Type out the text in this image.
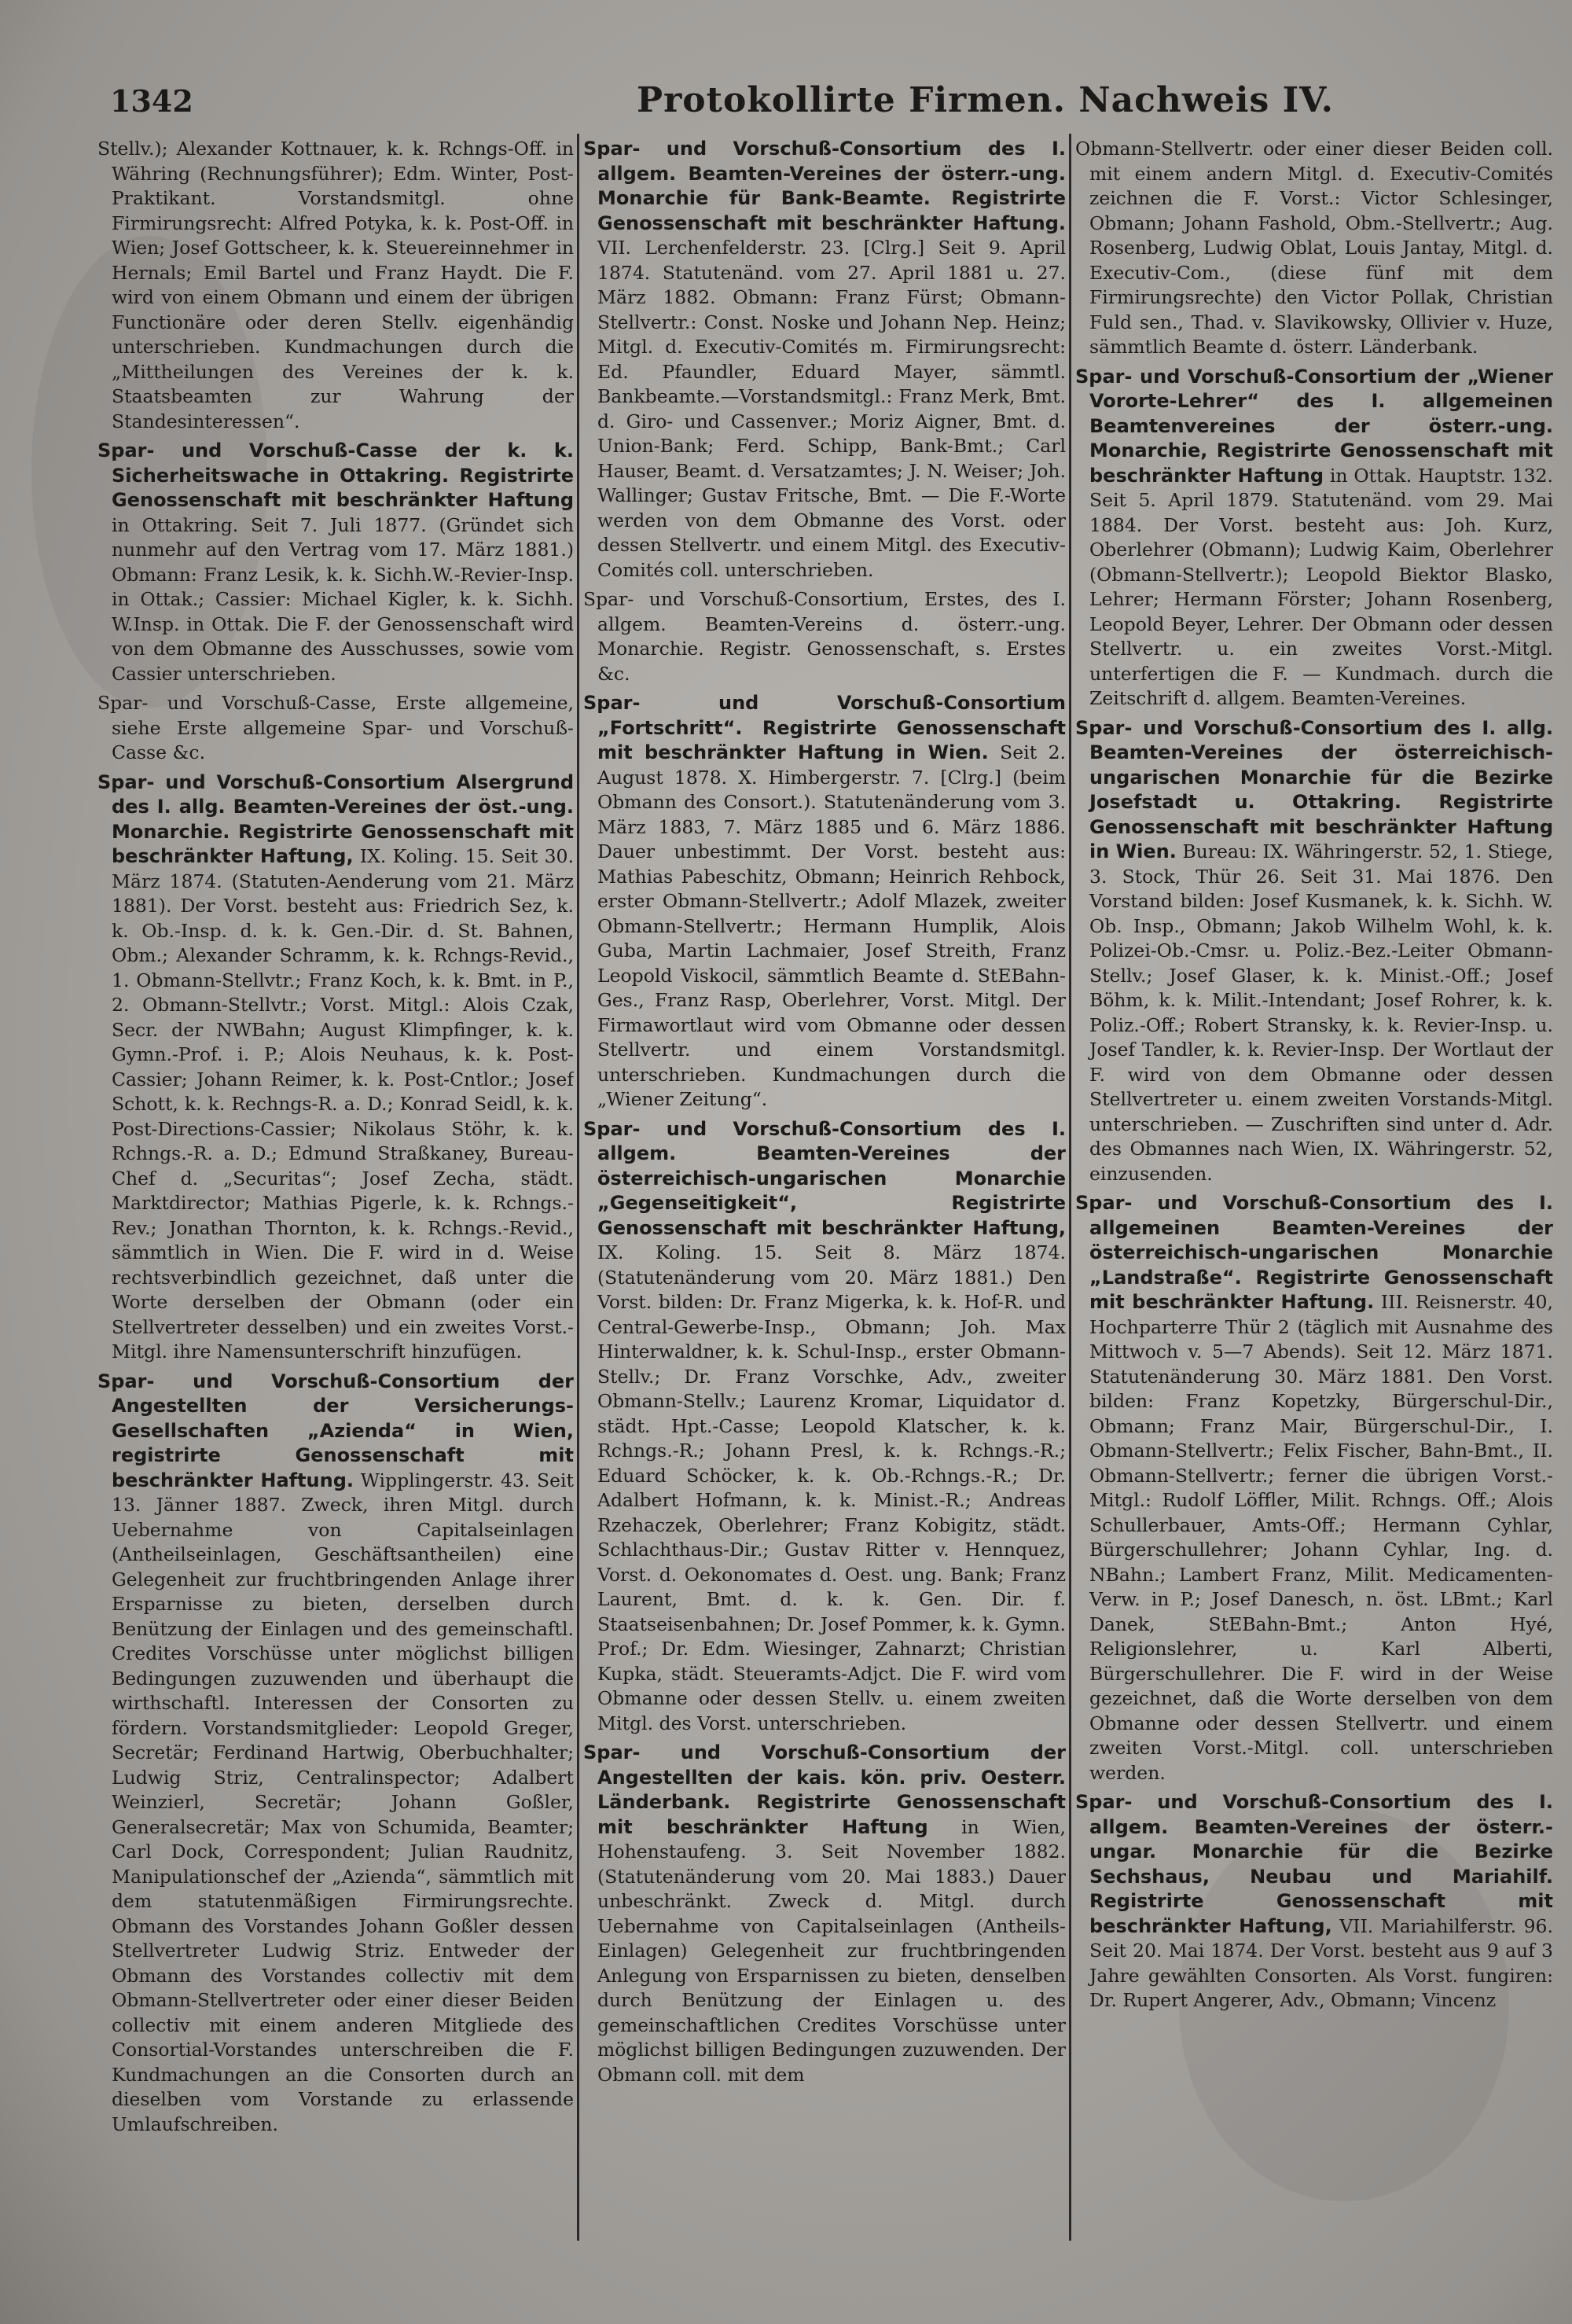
1342	Protokollirte Firmen. Nachweis IV.

Stellv.); Alexander Kottnauer, k. k. Rchngs-Off. in Währing (Rechnungsführer); Edm. Winter, Post-Praktikant. Vorstandsmitgl. ohne Firmirungsrecht: Alfred Potyka, k. k. Post-Off. in Wien; Josef Gottscheer, k. k. Steuereinnehmer in Hernals; Emil Bartel und Franz Haydt. Die F. wird von einem Obmann und einem der übrigen Functionäre oder deren Stellv. eigenhändig unterschrieben. Kundmachungen durch die „Mittheilungen des Vereines der k. k. Staatsbeamten zur Wahrung der Standesinteressen“.

Spar- und Vorschuß-Casse der k. k. Sicherheitswache in Ottakring. Registrirte Genossenschaft mit beschränkter Haftung in Ottakring. Seit 7. Juli 1877. (Gründet sich nunmehr auf den Vertrag vom 17. März 1881.) Obmann: Franz Lesik, k. k. Sichh.W.-Revier-Insp. in Ottak.; Cassier: Michael Kigler, k. k. Sichh. W.Insp. in Ottak. Die F. der Genossenschaft wird von dem Obmanne des Ausschusses, sowie vom Cassier unterschrieben.

Spar- und Vorschuß-Casse, Erste allgemeine, siehe Erste allgemeine Spar- und Vorschuß-Casse &c.

Spar- und Vorschuß-Consortium Alsergrund des I. allg. Beamten-Vereines der öst.-ung. Monarchie. Registrirte Genossenschaft mit beschränkter Haftung, IX. Koling. 15. Seit 30. März 1874. (Statuten-Aenderung vom 21. März 1881). Der Vorst. besteht aus: Friedrich Sez, k. k. Ob.-Insp. d. k. k. Gen.-Dir. d. St. Bahnen, Obm.; Alexander Schramm, k. k. Rchngs-Revid., 1. Obmann-Stellvtr.; Franz Koch, k. k. Bmt. in P., 2. Obmann-Stellvtr.; Vorst. Mitgl.: Alois Czak, Secr. der NWBahn; August Klimpfinger, k. k. Gymn.-Prof. i. P.; Alois Neuhaus, k. k. Post-Cassier; Johann Reimer, k. k. Post-Cntlor.; Josef Schott, k. k. Rechngs-R. a. D.; Konrad Seidl, k. k. Post-Directions-Cassier; Nikolaus Stöhr, k. k. Rchngs.-R. a. D.; Edmund Straßkaney, Bureau-Chef d. „Securitas“; Josef Zecha, städt. Marktdirector; Mathias Pigerle, k. k. Rchngs.-Rev.; Jonathan Thornton, k. k. Rchngs.-Revid., sämmtlich in Wien. Die F. wird in d. Weise rechtsverbindlich gezeichnet, daß unter die Worte derselben der Obmann (oder ein Stellvertreter desselben) und ein zweites Vorst.-Mitgl. ihre Namensunterschrift hinzufügen.

Spar- und Vorschuß-Consortium der Angestellten der Versicherungs-Gesellschaften „Azienda“ in Wien, registrirte Genossenschaft mit beschränkter Haftung. Wipplingerstr. 43. Seit 13. Jänner 1887. Zweck, ihren Mitgl. durch Uebernahme von Capitalseinlagen (Antheilseinlagen, Geschäftsantheilen) eine Gelegenheit zur fruchtbringenden Anlage ihrer Ersparnisse zu bieten, derselben durch Benützung der Einlagen und des gemeinschaftl. Credites Vorschüsse unter möglichst billigen Bedingungen zuzuwenden und überhaupt die wirthschaftl. Interessen der Consorten zu fördern. Vorstandsmitglieder: Leopold Greger, Secretär; Ferdinand Hartwig, Oberbuchhalter; Ludwig Striz, Centralinspector; Adalbert Weinzierl, Secretär; Johann Goßler, Generalsecretär; Max von Schumida, Beamter; Carl Dock, Correspondent; Julian Raudnitz, Manipulationschef der „Azienda“, sämmtlich mit dem statutenmäßigen Firmirungsrechte. Obmann des Vorstandes Johann Goßler dessen Stellvertreter Ludwig Striz. Entweder der Obmann des Vorstandes collectiv mit dem Obmann-Stellvertreter oder einer dieser Beiden collectiv mit einem anderen Mitgliede des Consortial-Vorstandes unterschreiben die F. Kundmachungen an die Consorten durch an dieselben vom Vorstande zu erlassende Umlaufschreiben.

Spar- und Vorschuß-Consortium des I. allgem. Beamten-Vereines der österr.-ung. Monarchie für Bank-Beamte. Registrirte Genossenschaft mit beschränkter Haftung. VII. Lerchenfelderstr. 23. [Clrg.] Seit 9. April 1874. Statutenänd. vom 27. April 1881 u. 27. März 1882. Obmann: Franz Fürst; Obmann-Stellvertr.: Const. Noske und Johann Nep. Heinz; Mitgl. d. Executiv-Comités m. Firmirungsrecht: Ed. Pfaundler, Eduard Mayer, sämmtl. Bankbeamte.—Vorstandsmitgl.: Franz Merk, Bmt. d. Giro- und Cassenver.; Moriz Aigner, Bmt. d. Union-Bank; Ferd. Schipp, Bank-Bmt.; Carl Hauser, Beamt. d. Versatzamtes; J. N. Weiser; Joh. Wallinger; Gustav Fritsche, Bmt. — Die F.-Worte werden von dem Obmanne des Vorst. oder dessen Stellvertr. und einem Mitgl. des Executiv-Comités coll. unterschrieben.

Spar- und Vorschuß-Consortium, Erstes, des I. allgem. Beamten-Vereins d. österr.-ung. Monarchie. Registr. Genossenschaft, s. Erstes &c.

Spar- und Vorschuß-Consortium „Fortschritt“. Registrirte Genossenschaft mit beschränkter Haftung in Wien. Seit 2. August 1878. X. Himbergerstr. 7. [Clrg.] (beim Obmann des Consort.). Statutenänderung vom 3. März 1883, 7. März 1885 und 6. März 1886. Dauer unbestimmt. Der Vorst. besteht aus: Mathias Pabeschitz, Obmann; Heinrich Rehbock, erster Obmann-Stellvertr.; Adolf Mlazek, zweiter Obmann-Stellvertr.; Hermann Humplik, Alois Guba, Martin Lachmaier, Josef Streith, Franz Leopold Viskocil, sämmtlich Beamte d. StEBahn-Ges., Franz Rasp, Oberlehrer, Vorst. Mitgl. Der Firmawortlaut wird vom Obmanne oder dessen Stellvertr. und einem Vorstandsmitgl. unterschrieben. Kundmachungen durch die „Wiener Zeitung“.

Spar- und Vorschuß-Consortium des I. allgem. Beamten-Vereines der österreichisch-ungarischen Monarchie „Gegenseitigkeit“, Registrirte Genossenschaft mit beschränkter Haftung, IX. Koling. 15. Seit 8. März 1874. (Statutenänderung vom 20. März 1881.) Den Vorst. bilden: Dr. Franz Migerka, k. k. Hof-R. und Central-Gewerbe-Insp., Obmann; Joh. Max Hinterwaldner, k. k. Schul-Insp., erster Obmann-Stellv.; Dr. Franz Vorschke, Adv., zweiter Obmann-Stellv.; Laurenz Kromar, Liquidator d. städt. Hpt.-Casse; Leopold Klatscher, k. k. Rchngs.-R.; Johann Presl, k. k. Rchngs.-R.; Eduard Schöcker, k. k. Ob.-Rchngs.-R.; Dr. Adalbert Hofmann, k. k. Minist.-R.; Andreas Rzehaczek, Oberlehrer; Franz Kobigitz, städt. Schlachthaus-Dir.; Gustav Ritter v. Hennquez, Vorst. d. Oekonomates d. Oest. ung. Bank; Franz Laurent, Bmt. d. k. k. Gen. Dir. f. Staatseisenbahnen; Dr. Josef Pommer, k. k. Gymn. Prof.; Dr. Edm. Wiesinger, Zahnarzt; Christian Kupka, städt. Steueramts-Adjct. Die F. wird vom Obmanne oder dessen Stellv. u. einem zweiten Mitgl. des Vorst. unterschrieben.

Spar- und Vorschuß-Consortium der Angestellten der kais. kön. priv. Oesterr. Länderbank. Registrirte Genossenschaft mit beschränkter Haftung in Wien, Hohenstaufeng. 3. Seit November 1882. (Statutenänderung vom 20. Mai 1883.) Dauer unbeschränkt. Zweck d. Mitgl. durch Uebernahme von Capitalseinlagen (Antheils-Einlagen) Gelegenheit zur fruchtbringenden Anlegung von Ersparnissen zu bieten, denselben durch Benützung der Einlagen u. des gemeinschaftlichen Credites Vorschüsse unter möglichst billigen Bedingungen zuzuwenden. Der Obmann coll. mit dem

Obmann-Stellvertr. oder einer dieser Beiden coll. mit einem andern Mitgl. d. Executiv-Comités zeichnen die F. Vorst.: Victor Schlesinger, Obmann; Johann Fashold, Obm.-Stellvertr.; Aug. Rosenberg, Ludwig Oblat, Louis Jantay, Mitgl. d. Executiv-Com., (diese fünf mit dem Firmirungsrechte) den Victor Pollak, Christian Fuld sen., Thad. v. Slavikowsky, Ollivier v. Huze, sämmtlich Beamte d. österr. Länderbank.

Spar- und Vorschuß-Consortium der „Wiener Vororte-Lehrer“ des I. allgemeinen Beamtenvereines der österr.-ung. Monarchie, Registrirte Genossenschaft mit beschränkter Haftung in Ottak. Hauptstr. 132. Seit 5. April 1879. Statutenänd. vom 29. Mai 1884. Der Vorst. besteht aus: Joh. Kurz, Oberlehrer (Obmann); Ludwig Kaim, Oberlehrer (Obmann-Stellvertr.); Leopold Biektor Blasko, Lehrer; Hermann Förster; Johann Rosenberg, Leopold Beyer, Lehrer. Der Obmann oder dessen Stellvertr. u. ein zweites Vorst.-Mitgl. unterfertigen die F. — Kundmach. durch die Zeitschrift d. allgem. Beamten-Vereines.

Spar- und Vorschuß-Consortium des I. allg. Beamten-Vereines der österreichisch-ungarischen Monarchie für die Bezirke Josefstadt u. Ottakring. Registrirte Genossenschaft mit beschränkter Haftung in Wien. Bureau: IX. Währingerstr. 52, 1. Stiege, 3. Stock, Thür 26. Seit 31. Mai 1876. Den Vorstand bilden: Josef Kusmanek, k. k. Sichh. W. Ob. Insp., Obmann; Jakob Wilhelm Wohl, k. k. Polizei-Ob.-Cmsr. u. Poliz.-Bez.-Leiter Obmann-Stellv.; Josef Glaser, k. k. Minist.-Off.; Josef Böhm, k. k. Milit.-Intendant; Josef Rohrer, k. k. Poliz.-Off.; Robert Stransky, k. k. Revier-Insp. u. Josef Tandler, k. k. Revier-Insp. Der Wortlaut der F. wird von dem Obmanne oder dessen Stellvertreter u. einem zweiten Vorstands-Mitgl. unterschrieben. — Zuschriften sind unter d. Adr. des Obmannes nach Wien, IX. Währingerstr. 52, einzusenden.

Spar- und Vorschuß-Consortium des I. allgemeinen Beamten-Vereines der österreichisch-ungarischen Monarchie „Landstraße“. Registrirte Genossenschaft mit beschränkter Haftung. III. Reisnerstr. 40, Hochparterre Thür 2 (täglich mit Ausnahme des Mittwoch v. 5—7 Abends). Seit 12. März 1871. Statutenänderung 30. März 1881. Den Vorst. bilden: Franz Kopetzky, Bürgerschul-Dir., Obmann; Franz Mair, Bürgerschul-Dir., I. Obmann-Stellvertr.; Felix Fischer, Bahn-Bmt., II. Obmann-Stellvertr.; ferner die übrigen Vorst.-Mitgl.: Rudolf Löffler, Milit. Rchngs. Off.; Alois Schullerbauer, Amts-Off.; Hermann Cyhlar, Bürgerschullehrer; Johann Cyhlar, Ing. d. NBahn.; Lambert Franz, Milit. Medicamenten-Verw. in P.; Josef Danesch, n. öst. LBmt.; Karl Danek, StEBahn-Bmt.; Anton Hyé, Religionslehrer, u. Karl Alberti, Bürgerschullehrer. Die F. wird in der Weise gezeichnet, daß die Worte derselben von dem Obmanne oder dessen Stellvertr. und einem zweiten Vorst.-Mitgl. coll. unterschrieben werden.

Spar- und Vorschuß-Consortium des I. allgem. Beamten-Vereines der österr.-ungar. Monarchie für die Bezirke Sechshaus, Neubau und Mariahilf. Registrirte Genossenschaft mit beschränkter Haftung, VII. Mariahilferstr. 96. Seit 20. Mai 1874. Der Vorst. besteht aus 9 auf 3 Jahre gewählten Consorten. Als Vorst. fungiren: Dr. Rupert Angerer, Adv., Obmann; Vincenz
